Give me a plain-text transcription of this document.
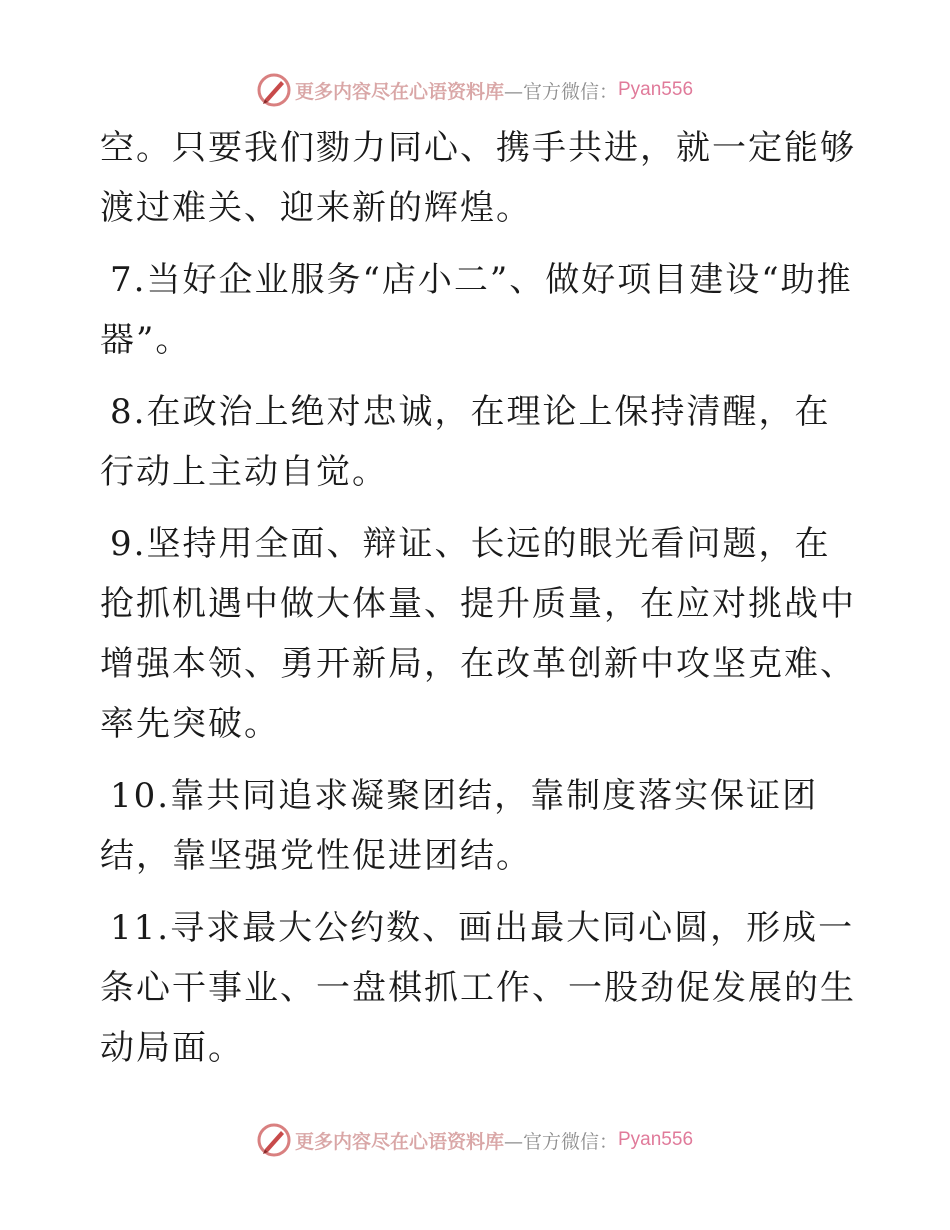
更多内容尽在心语资料库 —官方微信： Pyan556

空。只要我们勠力同心、携手共进，就一定能够渡过难关、迎来新的辉煌。

7.当好企业服务“店小二”、做好项目建设“助推器”。

8.在政治上绝对忠诚，在理论上保持清醒，在行动上主动自觉。

9.坚持用全面、辩证、长远的眼光看问题，在抢抓机遇中做大体量、提升质量，在应对挑战中增强本领、勇开新局，在改革创新中攻坚克难、率先突破。

10.靠共同追求凝聚团结，靠制度落实保证团结，靠坚强党性促进团结。

11.寻求最大公约数、画出最大同心圆，形成一条心干事业、一盘棋抓工作、一股劲促发展的生动局面。

更多内容尽在心语资料库 —官方微信： Pyan556
